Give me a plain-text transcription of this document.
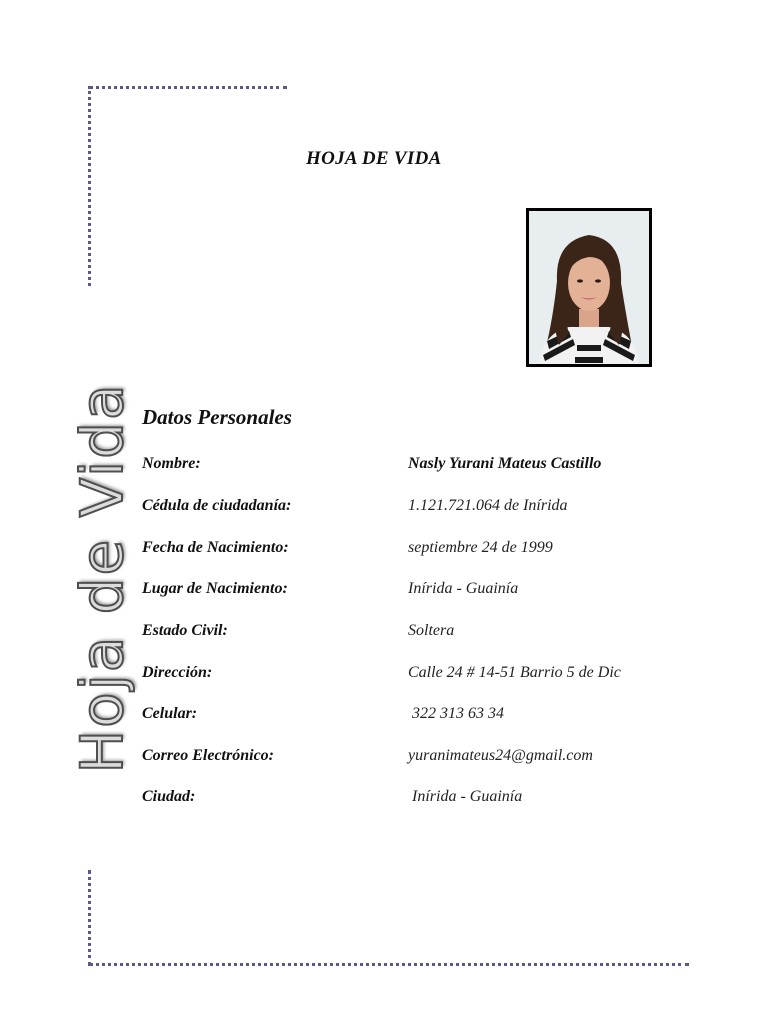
Hoja de Vida
HOJA DE VIDA
Datos Personales
Nombre:	Nasly Yurani Mateus Castillo
Cédula de ciudadanía:	1.121.721.064 de Inírida
Fecha de Nacimiento:	septiembre 24 de 1999
Lugar de Nacimiento:	Inírida - Guainía
Estado Civil:	Soltera
Dirección:	Calle 24 # 14-51 Barrio 5 de Dic
Celular:	322 313 63 34
Correo Electrónico:	yuranimateus24@gmail.com
Ciudad:	Inírida - Guainía
